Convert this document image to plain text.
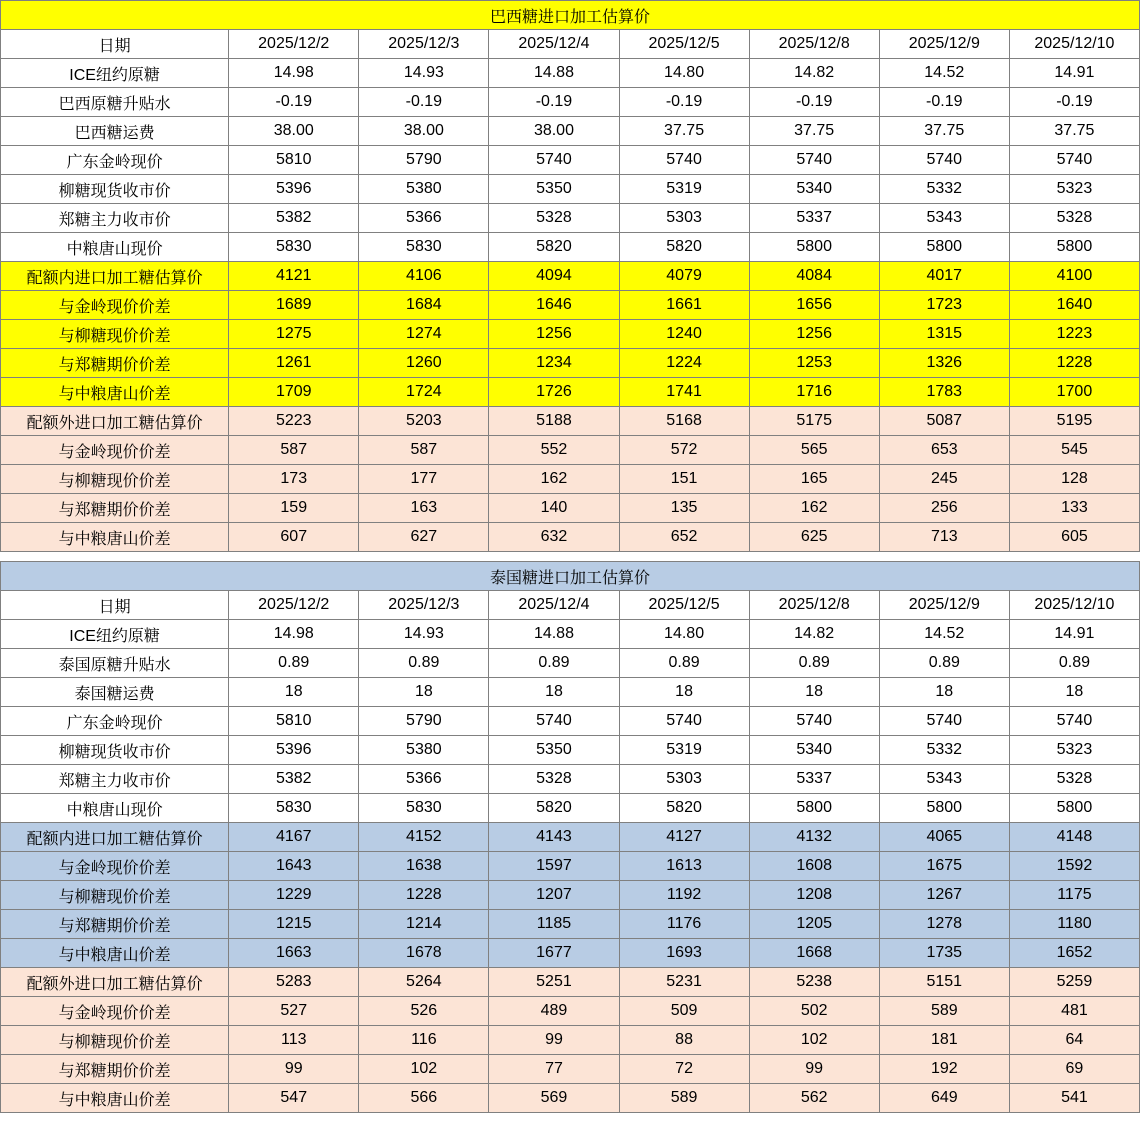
巴西糖进口加工估算价							
日期	2025/12/2	2025/12/3	2025/12/4	2025/12/5	2025/12/8	2025/12/9	2025/12/10
ICE纽约原糖	14.98	14.93	14.88	14.80	14.82	14.52	14.91
巴西原糖升贴水	-0.19	-0.19	-0.19	-0.19	-0.19	-0.19	-0.19
巴西糖运费	38.00	38.00	38.00	37.75	37.75	37.75	37.75
广东金岭现价	5810	5790	5740	5740	5740	5740	5740
柳糖现货收市价	5396	5380	5350	5319	5340	5332	5323
郑糖主力收市价	5382	5366	5328	5303	5337	5343	5328
中粮唐山现价	5830	5830	5820	5820	5800	5800	5800
配额内进口加工糖估算价	4121	4106	4094	4079	4084	4017	4100
与金岭现价价差	1689	1684	1646	1661	1656	1723	1640
与柳糖现价价差	1275	1274	1256	1240	1256	1315	1223
与郑糖期价价差	1261	1260	1234	1224	1253	1326	1228
与中粮唐山价差	1709	1724	1726	1741	1716	1783	1700
配额外进口加工糖估算价	5223	5203	5188	5168	5175	5087	5195
与金岭现价价差	587	587	552	572	565	653	545
与柳糖现价价差	173	177	162	151	165	245	128
与郑糖期价价差	159	163	140	135	162	256	133
与中粮唐山价差	607	627	632	652	625	713	605
泰国糖进口加工估算价							
日期	2025/12/2	2025/12/3	2025/12/4	2025/12/5	2025/12/8	2025/12/9	2025/12/10
ICE纽约原糖	14.98	14.93	14.88	14.80	14.82	14.52	14.91
泰国原糖升贴水	0.89	0.89	0.89	0.89	0.89	0.89	0.89
泰国糖运费	18	18	18	18	18	18	18
广东金岭现价	5810	5790	5740	5740	5740	5740	5740
柳糖现货收市价	5396	5380	5350	5319	5340	5332	5323
郑糖主力收市价	5382	5366	5328	5303	5337	5343	5328
中粮唐山现价	5830	5830	5820	5820	5800	5800	5800
配额内进口加工糖估算价	4167	4152	4143	4127	4132	4065	4148
与金岭现价价差	1643	1638	1597	1613	1608	1675	1592
与柳糖现价价差	1229	1228	1207	1192	1208	1267	1175
与郑糖期价价差	1215	1214	1185	1176	1205	1278	1180
与中粮唐山价差	1663	1678	1677	1693	1668	1735	1652
配额外进口加工糖估算价	5283	5264	5251	5231	5238	5151	5259
与金岭现价价差	527	526	489	509	502	589	481
与柳糖现价价差	113	116	99	88	102	181	64
与郑糖期价价差	99	102	77	72	99	192	69
与中粮唐山价差	547	566	569	589	562	649	541
